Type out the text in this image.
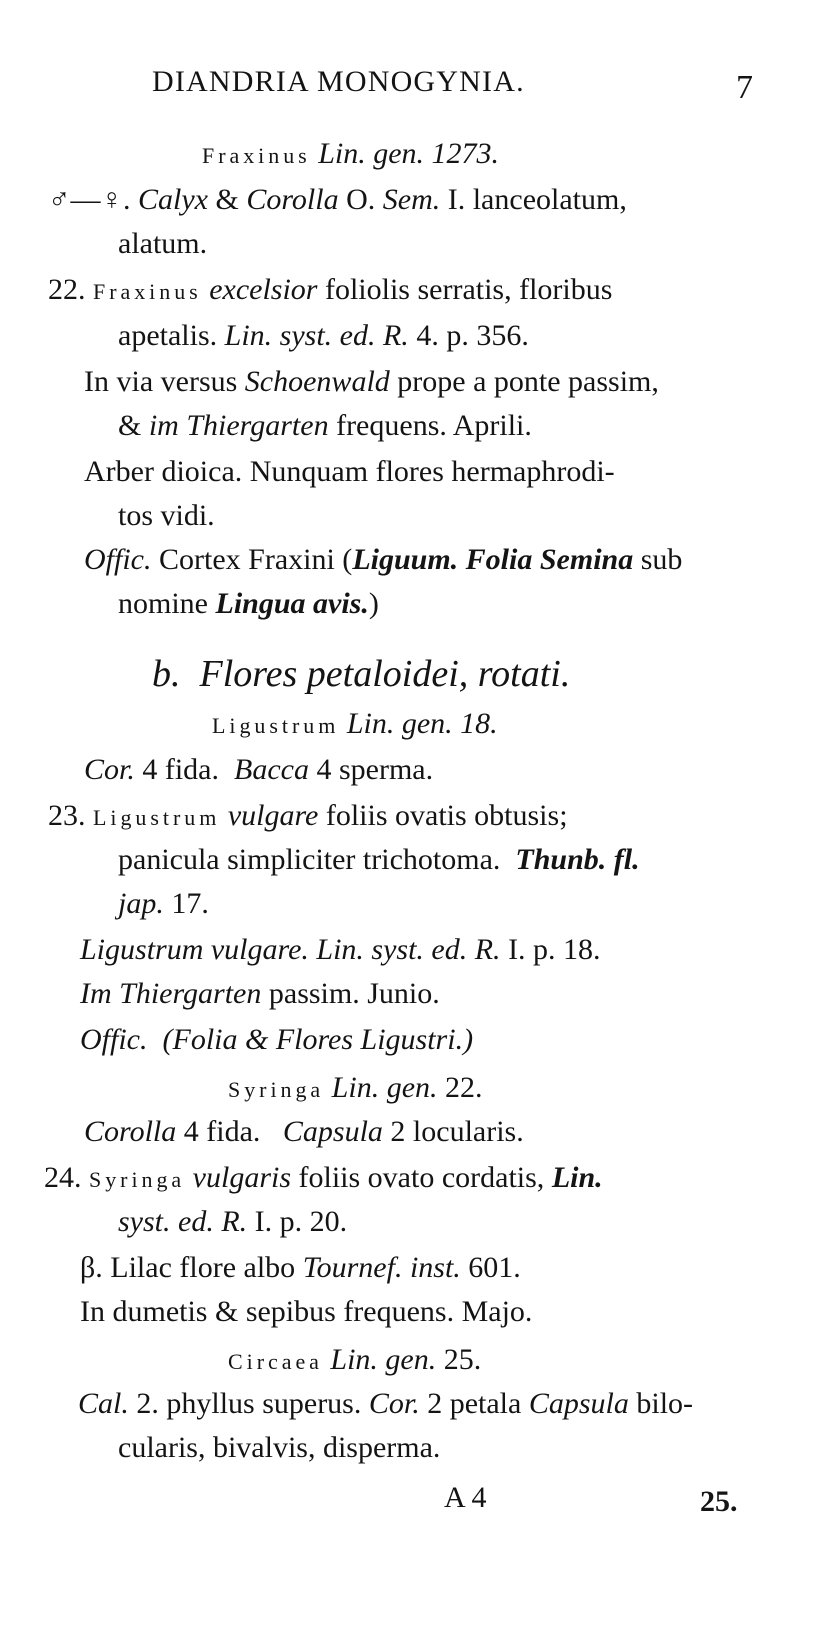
DIANDRIA MONOGYNIA.	7
Fraxinus Lin. gen. 1273.
♂—♀. Calyx & Corolla O. Sem. I. lanceolatum,
alatum.
22. Fraxinus excelsior foliolis serratis, floribus
apetalis. Lin. syst. ed. R. 4. p. 356.
In via versus Schoenwald prope a ponte passim,
& im Thiergarten frequens. Aprili.
Arber dioica. Nunquam flores hermaphrodi-
tos vidi.
Offic. Cortex Fraxini (Liguum. Folia Semina sub
nomine Lingua avis.)
b. Flores petaloidei, rotati.
Ligustrum Lin. gen. 18.
Cor. 4 fida. Bacca 4 sperma.
23. Ligustrum vulgare foliis ovatis obtusis;
panicula simpliciter trichotoma. Thunb. fl.
jap. 17.
Ligustrum vulgare. Lin. syst. ed. R. I. p. 18.
Im Thiergarten passim. Junio.
Offic. (Folia & Flores Ligustri.)
Syringa Lin. gen. 22.
Corolla 4 fida. Capsula 2 locularis.
24. Syringa vulgaris foliis ovato cordatis, Lin.
syst. ed. R. I. p. 20.
β. Lilac flore albo Tournef. inst. 601.
In dumetis & sepibus frequens. Majo.
Circaea Lin. gen. 25.
Cal. 2. phyllus superus. Cor. 2 petala Capsula bilo-
cularis, bivalvis, disperma.
A 4	25.
